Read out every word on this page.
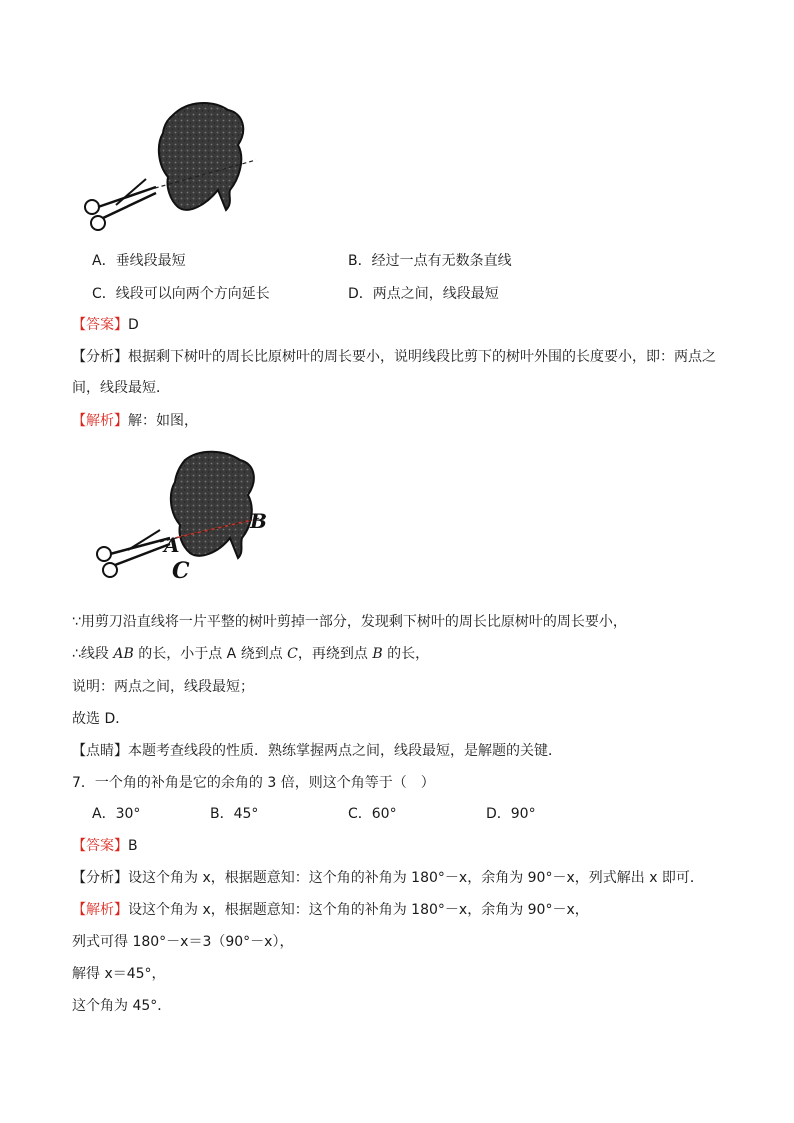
A．垂线段最短	B．经过一点有无数条直线
C．线段可以向两个方向延长	D．两点之间，线段最短
【答案】D
【分析】根据剩下树叶的周长比原树叶的周长要小，说明线段比剪下的树叶外围的长度要小，即：两点之
间，线段最短．
【解析】解：如图，
A
B
C
∵用剪刀沿直线将一片平整的树叶剪掉一部分，发现剩下树叶的周长比原树叶的周长要小，
∴线段 AB 的长，小于点 A 绕到点 C，再绕到点 B 的长，
说明：两点之间，线段最短；
故选 D．
【点睛】本题考查线段的性质．熟练掌握两点之间，线段最短，是解题的关键．
7．一个角的补角是它的余角的 3 倍，则这个角等于（　）
A．30°	B．45°	C．60°	D．90°
【答案】B
【分析】设这个角为 x，根据题意知：这个角的补角为 180°－x，余角为 90°－x，列式解出 x 即可．
【解析】设这个角为 x，根据题意知：这个角的补角为 180°－x，余角为 90°－x，
列式可得 180°－x＝3（90°－x），
解得 x＝45°，
这个角为 45°．
